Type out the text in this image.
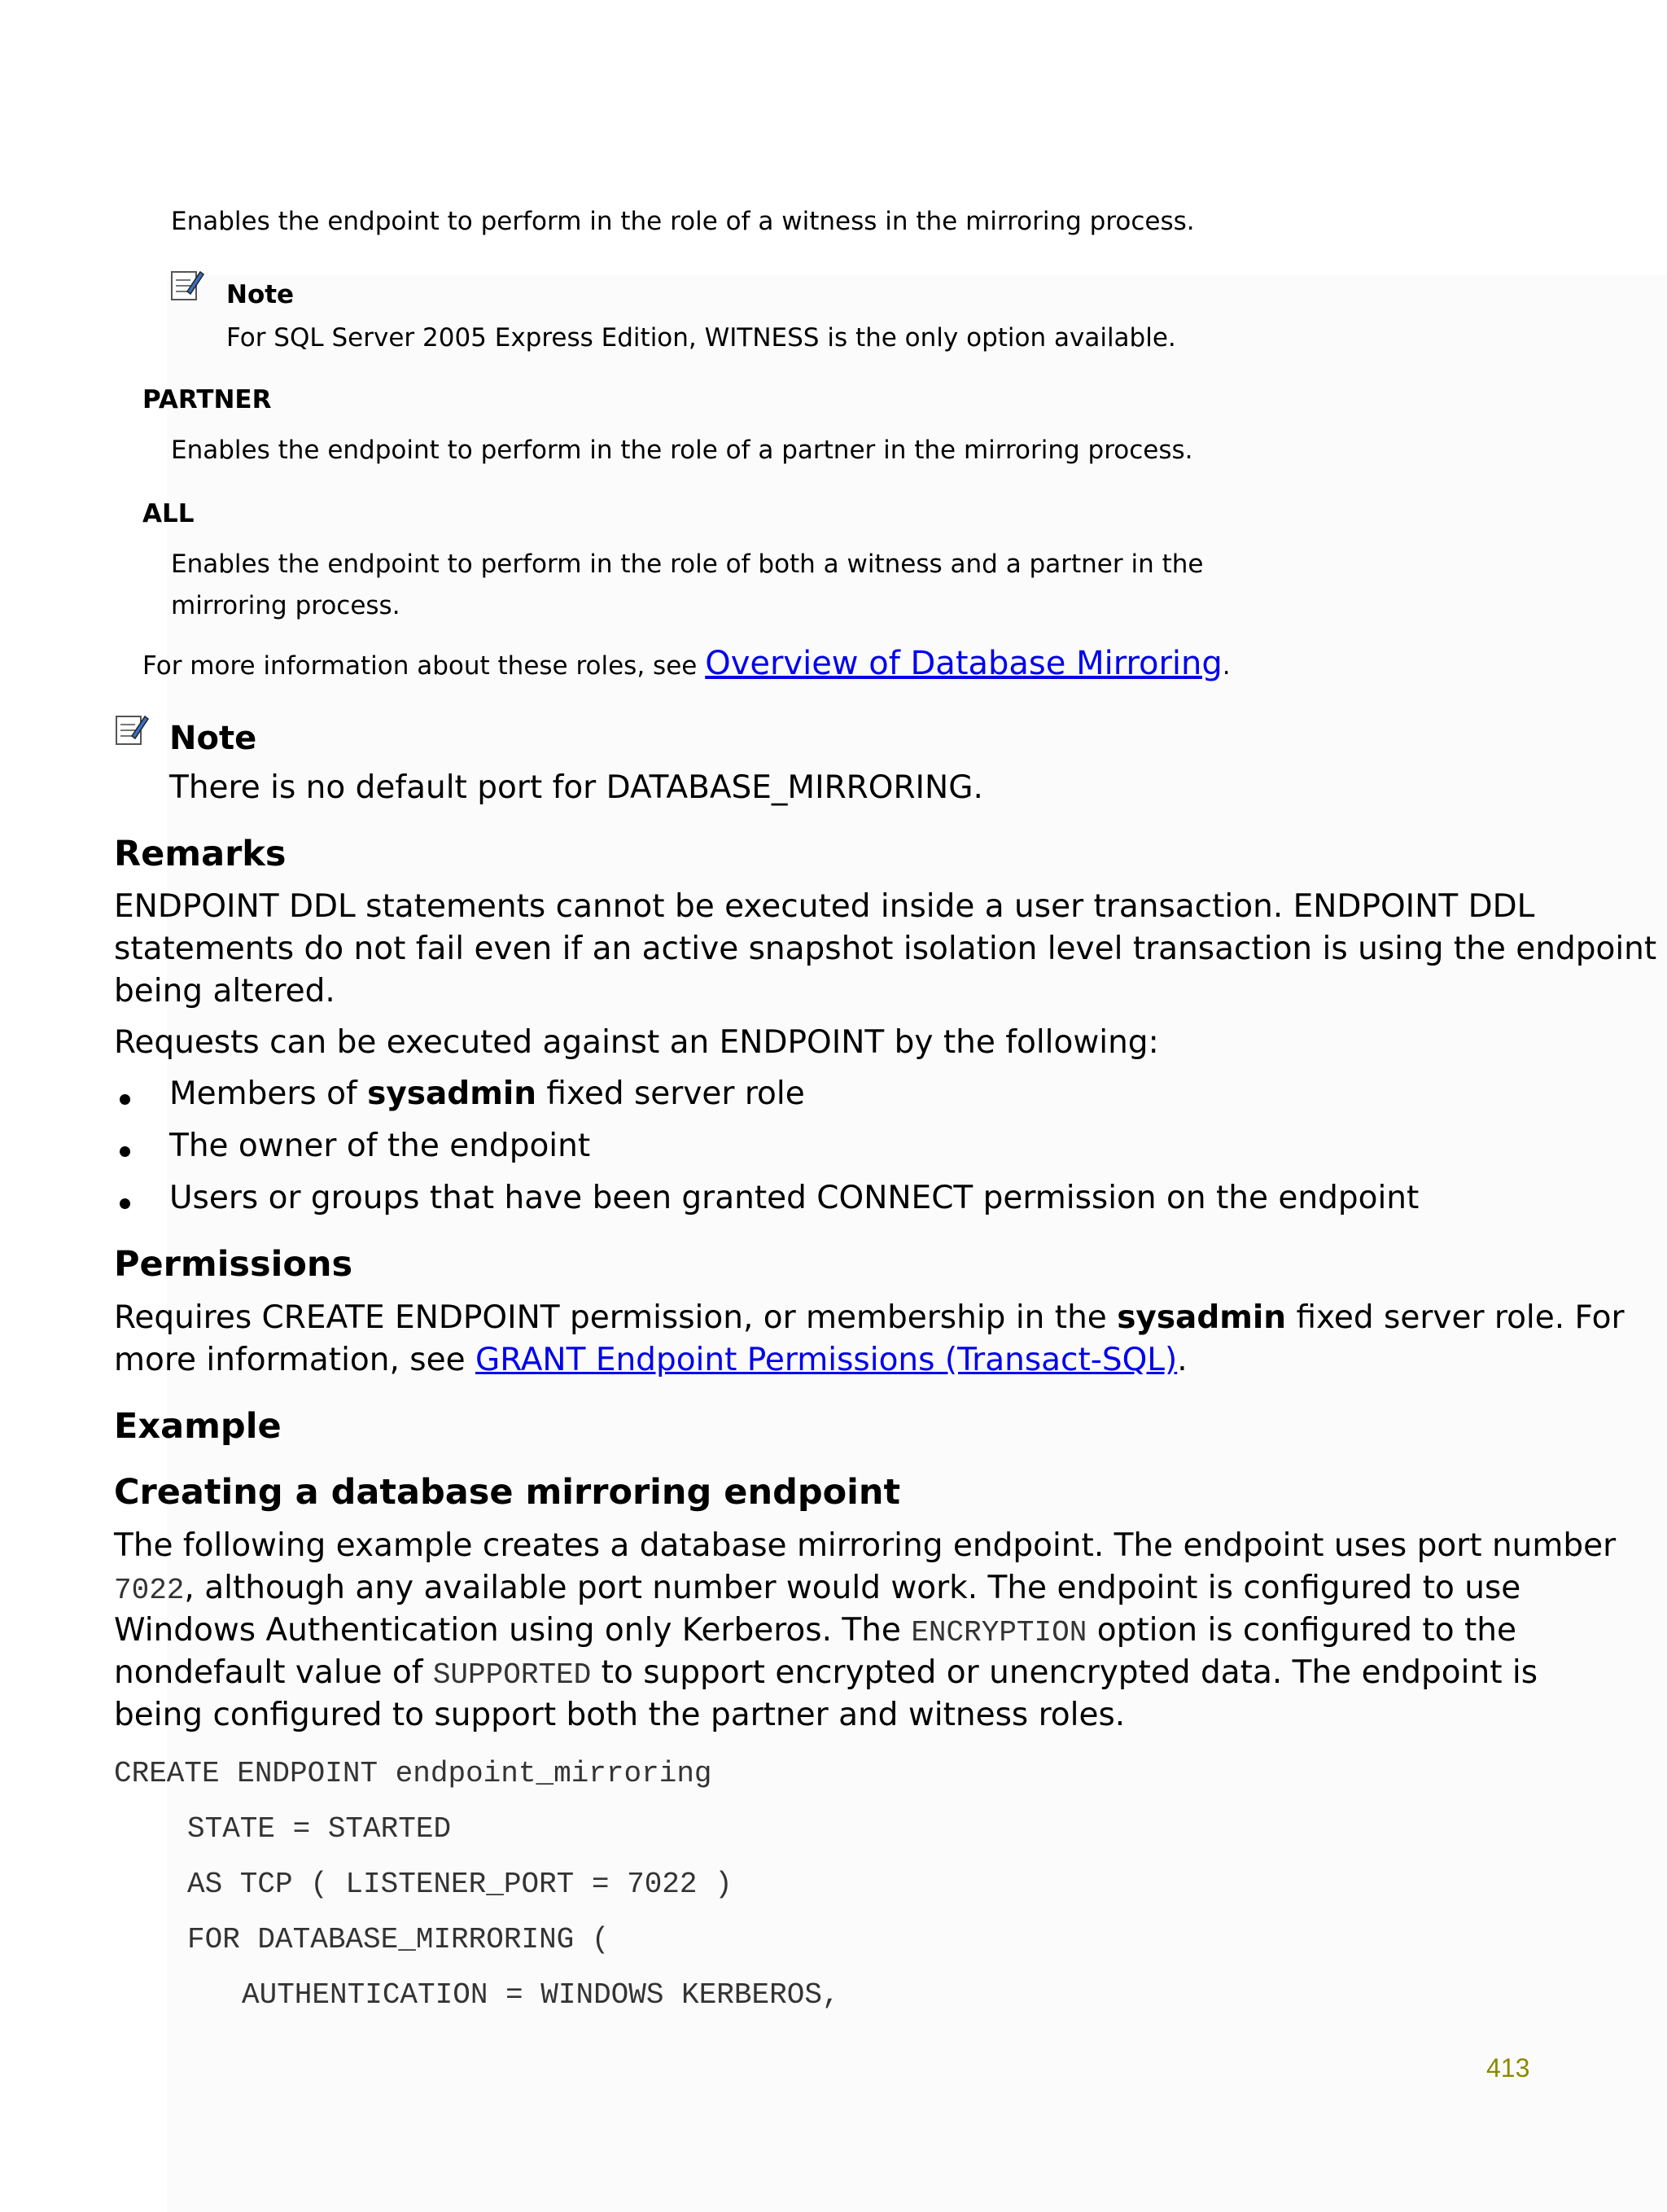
Enables the endpoint to perform in the role of a witness in the mirroring process.
Note
For SQL Server 2005 Express Edition, WITNESS is the only option available.
PARTNER
Enables the endpoint to perform in the role of a partner in the mirroring process.
ALL
Enables the endpoint to perform in the role of both a witness and a partner in the
mirroring process.
For more information about these roles, see Overview of Database Mirroring.
Note
There is no default port for DATABASE_MIRRORING.
Remarks
ENDPOINT DDL statements cannot be executed inside a user transaction. ENDPOINT DDL
statements do not fail even if an active snapshot isolation level transaction is using the endpoint
being altered.
Requests can be executed against an ENDPOINT by the following:
Members of sysadmin fixed server role
The owner of the endpoint
Users or groups that have been granted CONNECT permission on the endpoint
Permissions
Requires CREATE ENDPOINT permission, or membership in the sysadmin fixed server role. For
more information, see GRANT Endpoint Permissions (Transact-SQL).
Example
Creating a database mirroring endpoint
The following example creates a database mirroring endpoint. The endpoint uses port number
7022, although any available port number would work. The endpoint is configured to use
Windows Authentication using only Kerberos. The ENCRYPTION option is configured to the
nondefault value of SUPPORTED to support encrypted or unencrypted data. The endpoint is
being configured to support both the partner and witness roles.
CREATE ENDPOINT endpoint_mirroring
STATE = STARTED
AS TCP ( LISTENER_PORT = 7022 )
FOR DATABASE_MIRRORING (
AUTHENTICATION = WINDOWS KERBEROS,
413
